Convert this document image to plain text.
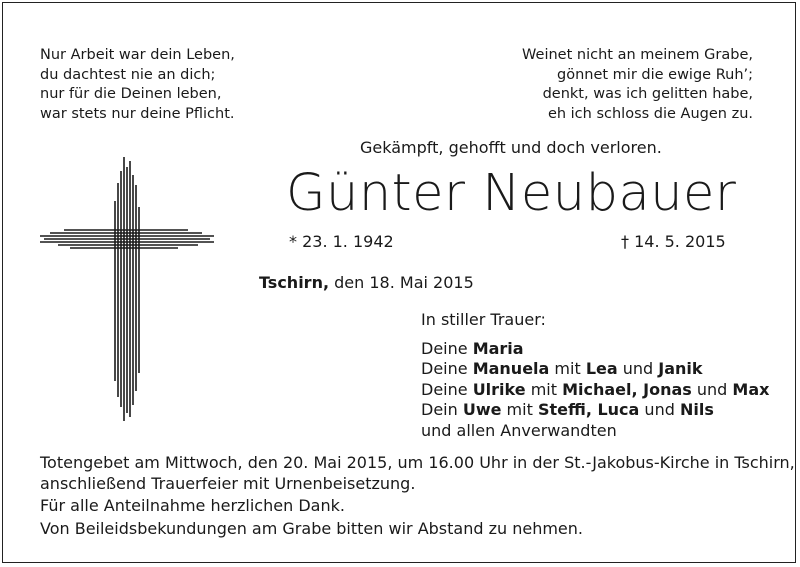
Nur Arbeit war dein Leben,
du dachtest nie an dich;
nur für die Deinen leben,
war stets nur deine Pflicht.
Weinet nicht an meinem Grabe,
gönnet mir die ewige Ruh’;
denkt, was ich gelitten habe,
eh ich schloss die Augen zu.
Gekämpft, gehofft und doch verloren.
Günter Neubauer
* 23. 1. 1942	† 14. 5. 2015
Tschirn, den 18. Mai 2015
In stiller Trauer:
Deine Maria
Deine Manuela mit Lea und Janik
Deine Ulrike mit Michael, Jonas und Max
Dein Uwe mit Steffi, Luca und Nils
und allen Anverwandten
Totengebet am Mittwoch, den 20. Mai 2015, um 16.00 Uhr in der St.-Jakobus-Kirche in Tschirn,
anschließend Trauerfeier mit Urnenbeisetzung.
Für alle Anteilnahme herzlichen Dank.
Von Beileidsbekundungen am Grabe bitten wir Abstand zu nehmen.
